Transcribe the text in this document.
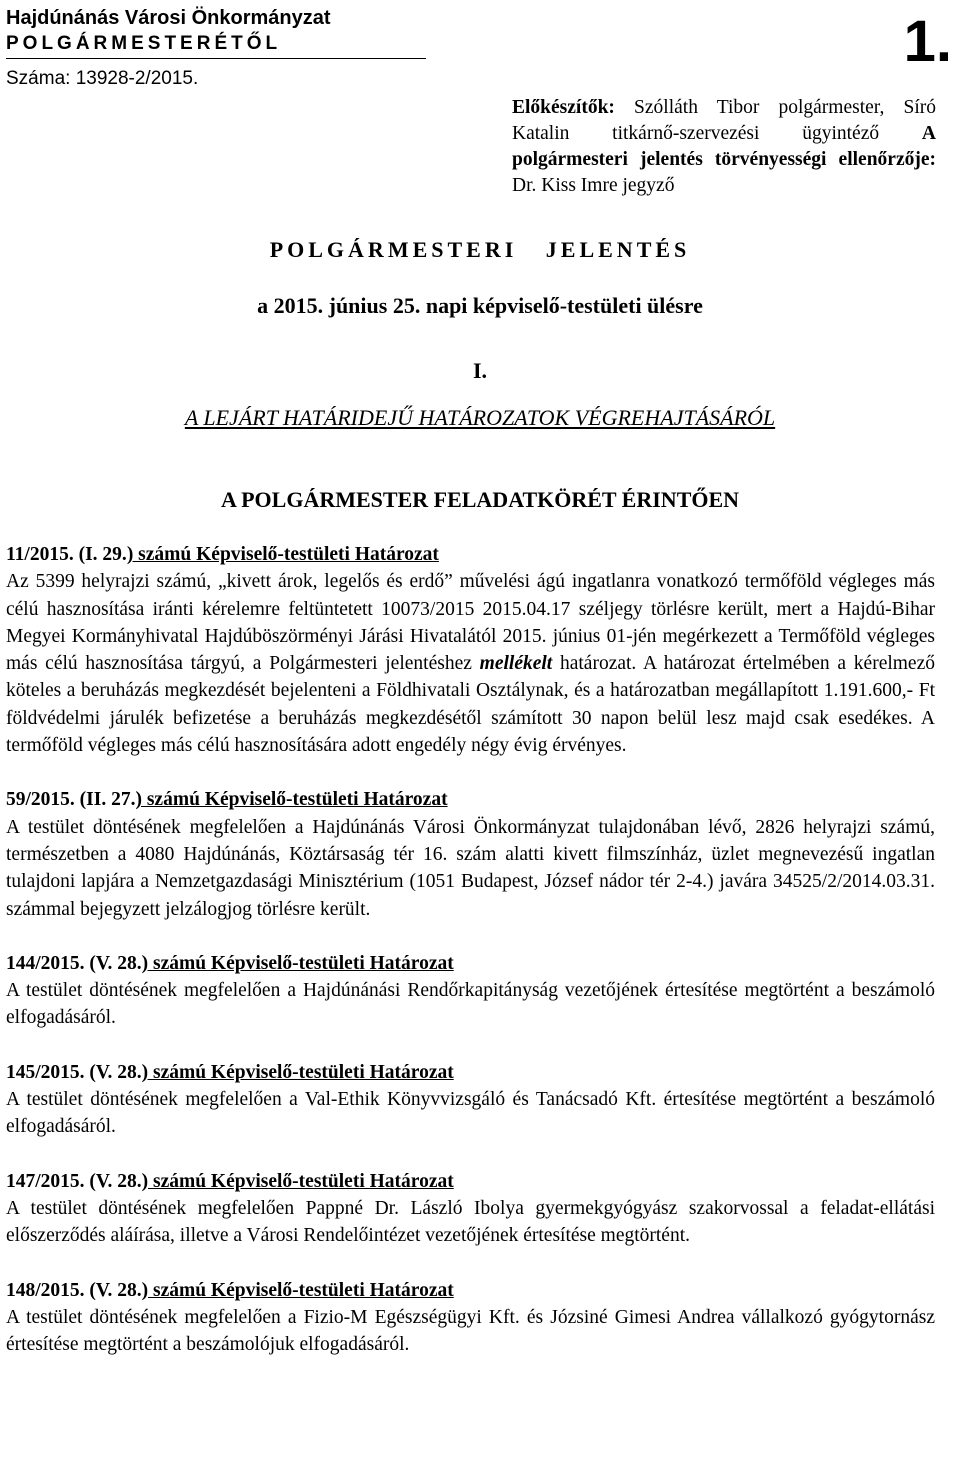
Hajdúnánás Városi Önkormányzat
POLGÁRMESTERÉTŐL
Száma: 13928-2/2015.
1.
Előkészítők: Szólláth Tibor polgármester, Síró Katalin titkárnő-szervezési ügyintéző A polgármesteri jelentés törvényességi ellenőrzője: Dr. Kiss Imre jegyző
POLGÁRMESTERI   JELENTÉS
a 2015. június 25. napi képviselő-testületi ülésre
I.
A LEJÁRT HATÁRIDEJŰ HATÁROZATOK VÉGREHAJTÁSÁRÓL
A POLGÁRMESTER FELADATKÖRÉT ÉRINTŐEN
11/2015. (I. 29.) számú Képviselő-testületi Határozat

Az 5399 helyrajzi számú, „kivett árok, legelős és erdő” művelési ágú ingatlanra vonatkozó termőföld végleges más célú hasznosítása iránti kérelemre feltüntetett 10073/2015 2015.04.17 széljegy törlésre került, mert a Hajdú-Bihar Megyei Kormányhivatal Hajdúböszörményi Járási Hivatalától 2015. június 01-jén megérkezett a Termőföld végleges más célú hasznosítása tárgyú, a Polgármesteri jelentéshez mellékelt határozat. A határozat értelmében a kérelmező köteles a beruházás megkezdését bejelenteni a Földhivatali Osztálynak, és a határozatban megállapított 1.191.600,- Ft földvédelmi járulék befizetése a beruházás megkezdésétől számított 30 napon belül lesz majd csak esedékes. A termőföld végleges más célú hasznosítására adott engedély négy évig érvényes.

59/2015. (II. 27.) számú Képviselő-testületi Határozat

A testület döntésének megfelelően a Hajdúnánás Városi Önkormányzat tulajdonában lévő, 2826 helyrajzi számú, természetben a 4080 Hajdúnánás, Köztársaság tér 16. szám alatti kivett filmszínház, üzlet megnevezésű ingatlan tulajdoni lapjára a Nemzetgazdasági Minisztérium (1051 Budapest, József nádor tér 2-4.) javára 34525/2/2014.03.31. számmal bejegyzett jelzálogjog törlésre került.

144/2015. (V. 28.) számú Képviselő-testületi Határozat

A testület döntésének megfelelően a Hajdúnánási Rendőrkapitányság vezetőjének értesítése megtörtént a beszámoló elfogadásáról.

145/2015. (V. 28.) számú Képviselő-testületi Határozat

A testület döntésének megfelelően a Val-Ethik Könyvvizsgáló és Tanácsadó Kft. értesítése megtörtént a beszámoló elfogadásáról.

147/2015. (V. 28.) számú Képviselő-testületi Határozat

A testület döntésének megfelelően Pappné Dr. László Ibolya gyermekgyógyász szakorvossal a feladat-ellátási előszerződés aláírása, illetve a Városi Rendelőintézet vezetőjének értesítése megtörtént.

148/2015. (V. 28.) számú Képviselő-testületi Határozat

A testület döntésének megfelelően a Fizio-M Egészségügyi Kft. és Józsiné Gimesi Andrea vállalkozó gyógytornász értesítése megtörtént a beszámolójuk elfogadásáról.
